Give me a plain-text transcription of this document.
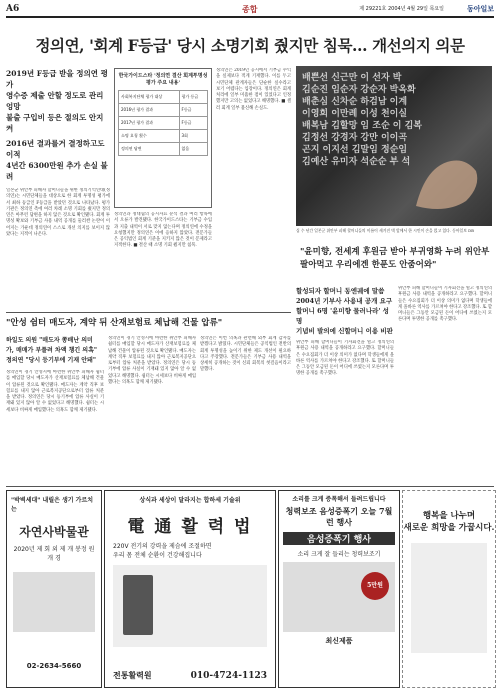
A6	종합	제 29221호 2004년 4월 29일 목요일	동아일보
정의연, '회계 F등급' 당시 소명기회 줬지만 침묵… 개선의지 의문
2019년 F등급 받을 정의연 평가
영수증 제출 안할 정도로 관리 엉망
불출 구입비 등은 절의도 안지켜
2016년 결과를거 결정하고도 이적
4년간 6300만원 추가 손실 불려
일본군 위안부 피해자 할머니들을 위한 정의기억연대(정의연)는 시민단체들을 대상으로 한 회계 투명성 평가에서 최하 등급인 F등급을 받았던 것으로 나타났다. 평가 기관은 정의연 측에 여러 차례 소명 기회를 줬지만 정의연은 아무런 답변을 하지 않은 것으로 확인됐다. 회계 투명성 확보와 기부금 사용 내역 공개를 둘러싼 논란이 이어지는 가운데 정의연이 스스로 개선 의지를 보이지 않았다는 지적이 나온다.
한국가이드스타 '정의연 결산 회계투명성 평가 주요 내용'
사회복지단체 평가 대상	평가 등급
2016년 평가 결과	F등급
2017년 평가 결과	F등급
소명 요청 횟수	3회
정의연 답변	없음
정의연과 정대협의 공시자료 분석 결과 여러 항목에서 오류가 발견됐다. 한국가이드스타는 기부금 수입과 지출 내역이 서로 맞지 않는다며 정의연에 수정을 요청했지만 정의연은 이에 응하지 않았다. 전문가들은 공익법인 회계 기준을 지키지 않은 것이 문제라고 지적한다. ■ 결산 때 소명 기회 줬지만 침묵.
정의연은 2019년 공시에서 기부금 수익을 실제보다 적게 기재했다. 이를 두고 시민단체 관계자들은 단순한 실수라고 보기 어렵다는 입장이다. 정의연은 회계 처리에 일부 미흡한 점이 있었다고 인정했지만 고의는 없었다고 해명했다. ■ 셀러 회계 일부 불신해 손실도.
배쁜선 신근만 이 선자 박
김순진 임순자 강순자 박옥화
배춘심 신차순 하검남 이계
이영희 이만례 이성 천이실
배복남 김할망 임 조순 이 김복
김정선 강경자 강만 이이곡
곤지 이지선 김말임 정순임
김예산 유미자 석순순 부 석
십 수 년간 일본군 위안부 피해 할머니들의 이름이 새겨진 벽 앞에서 한 시민이 손을 얹고 있다. 동아일보 DB
"윤미향, 전세계 후원금 받아 부귀영화 누려 위안부 팔아먹고 우리에겐 한푼도 안줌어와"
할성되자 할머니 동엔궤에 말씀
2004년 기부사 사용내 공개 요구
할머니 6명 '윤미향 물러나라' 성명
기념비 발의에 신할머니 이용 비판
위안부 피해 할머니들이 기자회견을 열고 정의연의 후원금 사용 내역을 공개하라고 요구했다. 할머니들은 수요집회가 더 이상 의미가 없다며 학생들에게 올바른 역사를 가르쳐야 한다고 강조했다. 또 할머니들은 그동안 모금된 돈이 어디에 쓰였는지 모른다며 투명한 공개를 촉구했다.
위안부 피해 할머니들이 기자회견을 열고 정의연의 후원금 사용 내역을 공개하라고 요구했다. 할머니들은 수요집회가 더 이상 의미가 없다며 학생들에게 올바른 역사를 가르쳐야 한다고 강조했다. 또 할머니들은 그동안 모금된 돈이 어디에 쓰였는지 모른다며 투명한 공개를 촉구했다.
"안성 쉼터 매도자, 계약 뒤 산재보험료 체납해 건물 압류"
하일도 의원 "매도자 쫑배난 의미
가, 매매가 부풀려 차액 챙긴 의혹"
정의연 "당시 등기부에 기재 안돼"
정의연이 경기 안성시에 마련한 위안부 피해자 쉼터를 매입할 당시 매도자가 산재보험료를 체납해 건물이 압류된 것으로 확인됐다. 매도자는 계약 직후 보험료를 내지 않아 근로복지공단으로부터 압류 처분을 받았다. 정의연은 당시 등기부에 압류 사실이 기재돼 있지 않아 알 수 없었다고 해명했다. 쉼터는 시세보다 비싸게 매입했다는 의혹도 함께 제기됐다.
정의연이 경기 안성시에 마련한 위안부 피해자 쉼터를 매입할 당시 매도자가 산재보험료를 체납해 건물이 압류된 것으로 확인됐다. 매도자는 계약 직후 보험료를 내지 않아 근로복지공단으로부터 압류 처분을 받았다. 정의연은 당시 등기부에 압류 사실이 기재돼 있지 않아 알 수 없었다고 해명했다. 쉼터는 시세보다 비싸게 매입했다는 의혹도 함께 제기됐다.
정의연은 이번 의혹과 관련해 외부 회계 감사를 받겠다고 밝혔다. 시민단체들은 공익법인 전반의 회계 투명성을 높이기 위한 제도 개선이 필요하다고 주장했다. 전문가들은 기부금 사용 내역을 상세히 공개하는 것이 신뢰 회복의 첫걸음이라고 말했다.
"박벽세대" 내릴은 생기 가르치는
자연사박물관
2020년 제 회 외 제 개 봉정 원개 경
02-2634-5660
상식과 세상이 달라지는 합하세 기술위
電 通 활 력 법
220V 전기의 강력을 제슴에 조절하면
우리 몸 전체 순환이 건강해집니다
전통활력원	010-4724-1123
소리를 크게 증폭해서 들려드립니다
청력보조 음성증폭기 오늘 7월런 행사
음성증폭기 행사
소리 크게 잘 들리는 청력보조기
5만원
최신제품
행복을 나누며
새로운 희망을 가꿉시다.
